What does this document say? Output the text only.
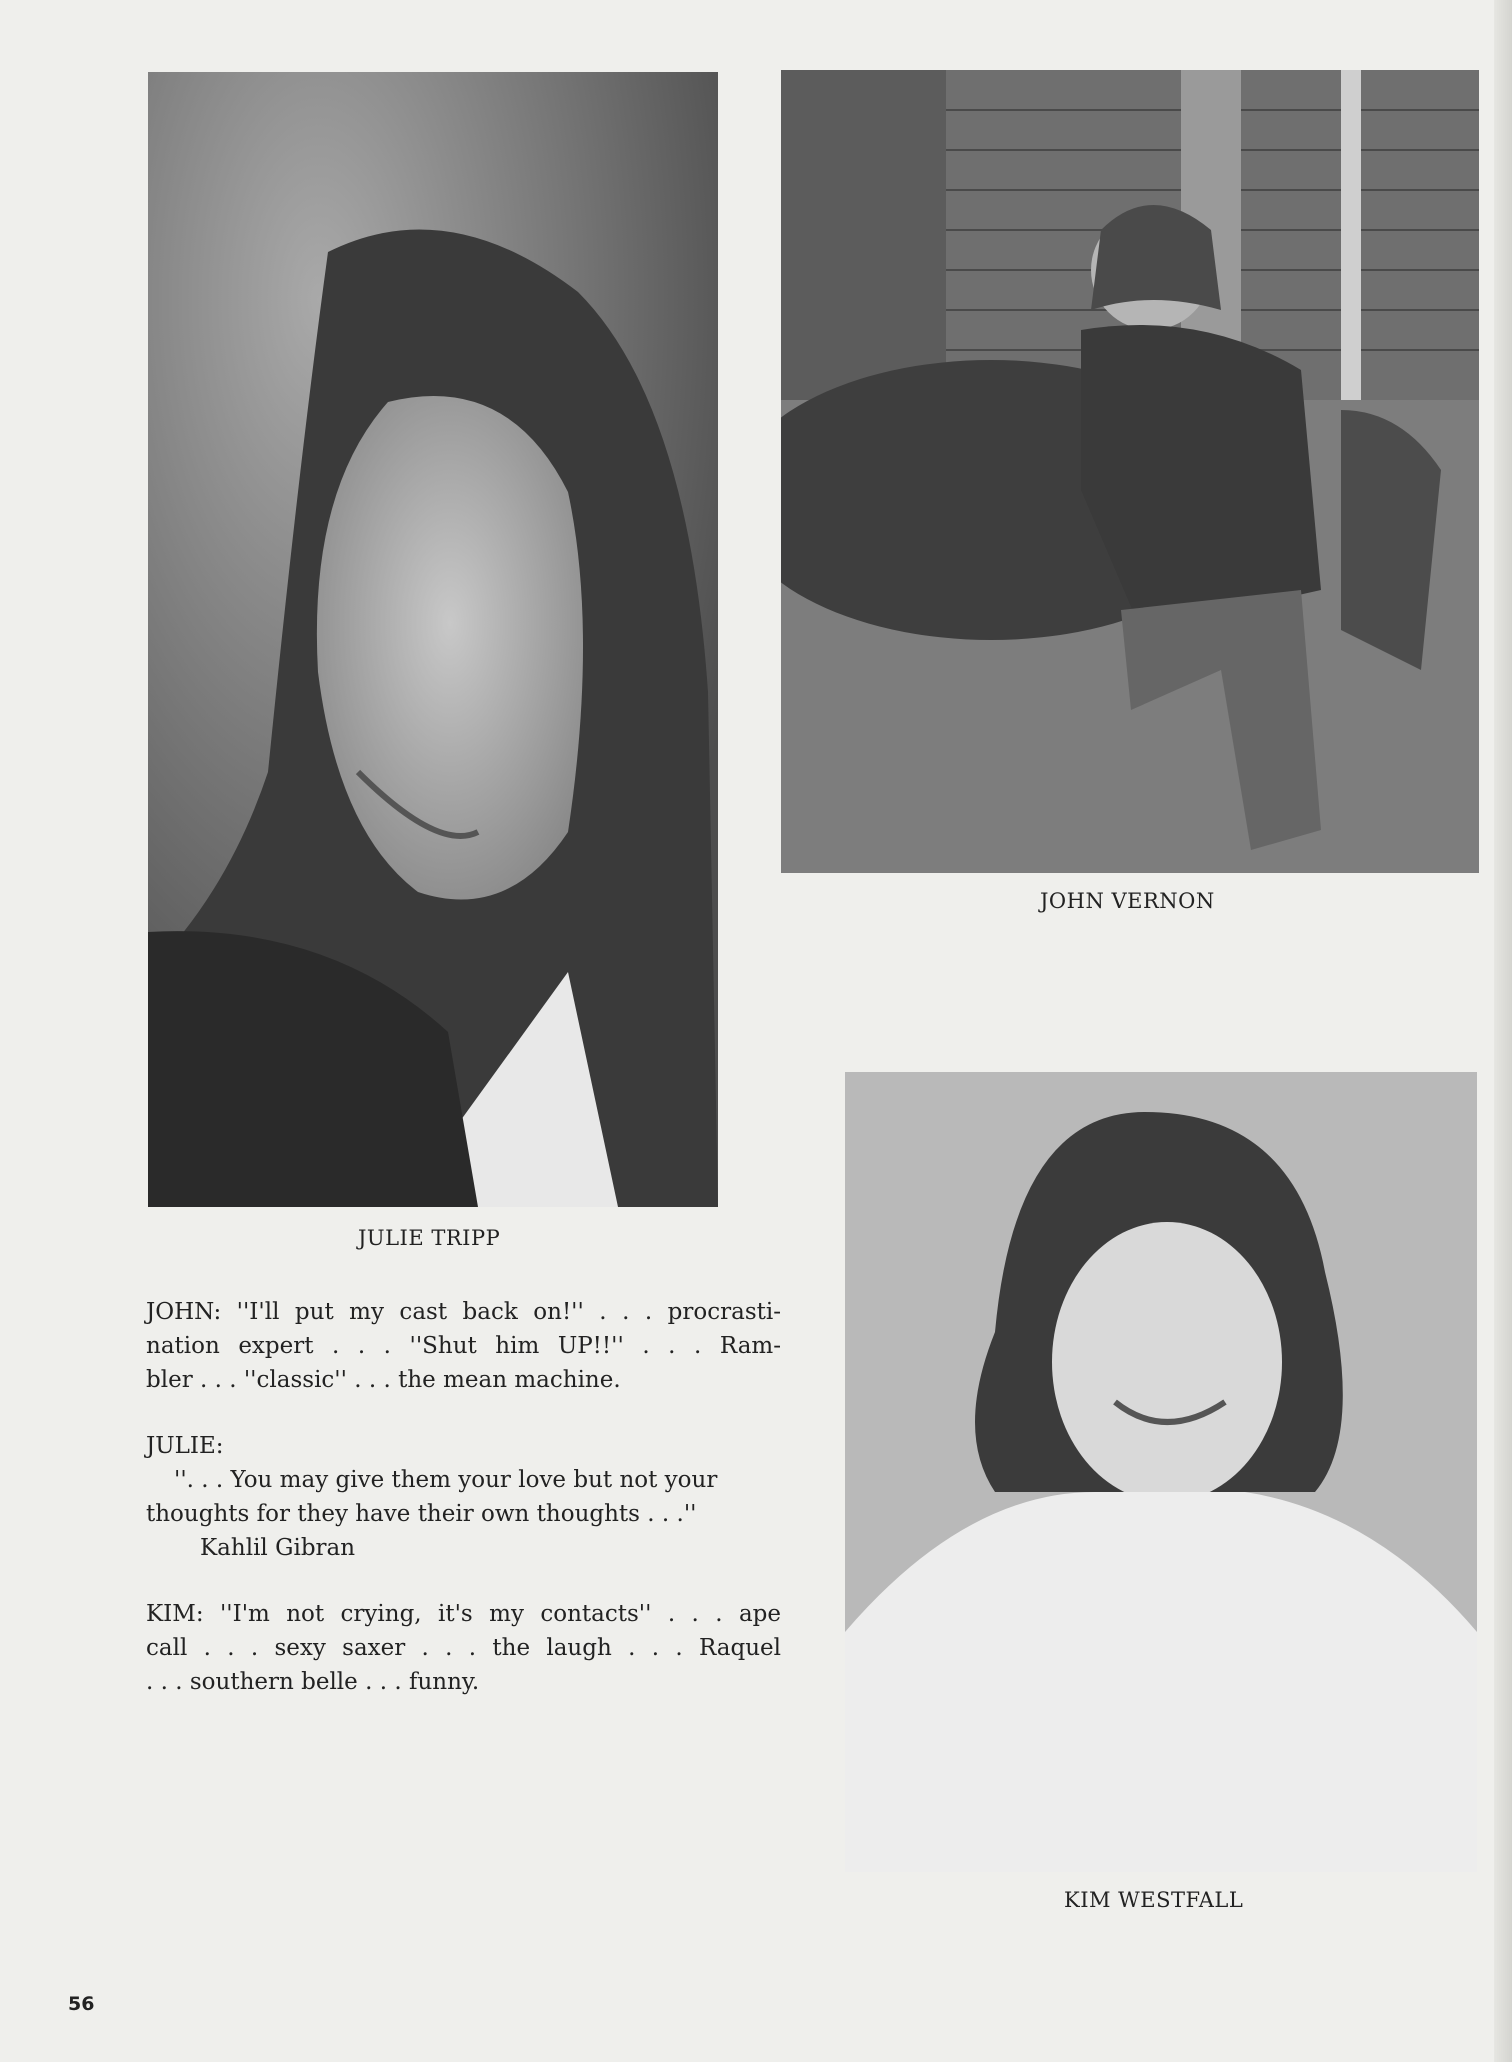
JULIE TRIPP
JOHN VERNON
KIM WESTFALL
JOHN: ''I'll put my cast back on!'' . . . procrasti-
nation expert . . . ''Shut him UP!!'' . . . Ram-
bler . . . ''classic'' . . . the mean machine.
JULIE:
''. . . You may give them your love but not your
thoughts for they have their own thoughts . . .''
Kahlil Gibran
KIM: ''I'm not crying, it's my contacts'' . . . ape
call . . . sexy saxer . . . the laugh . . . Raquel
. . . southern belle . . . funny.
56
